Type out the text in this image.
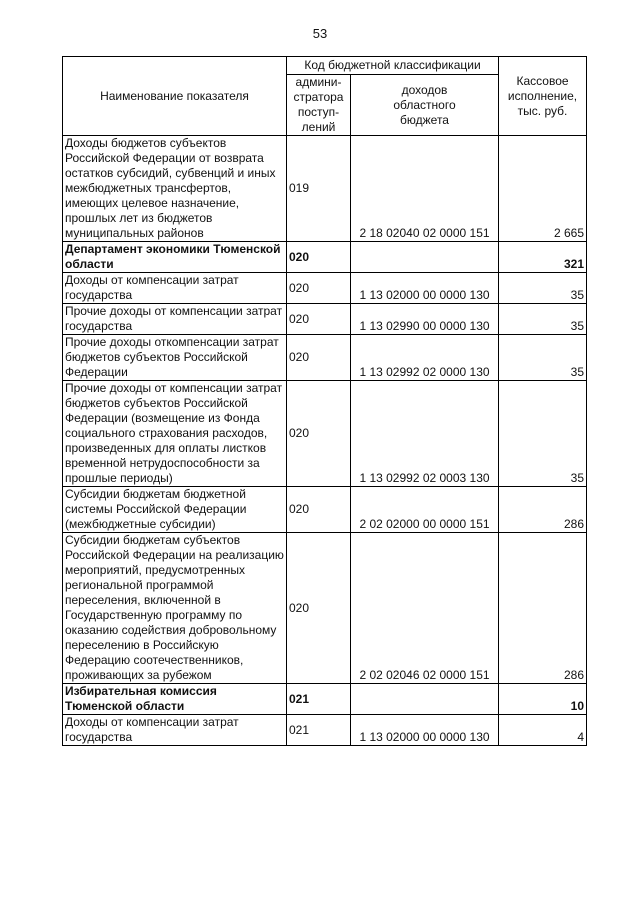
53
Наименование показателя	Код бюджетной классификации		Кассовое
исполнение,
тыс. руб.
	админи-
стратора
поступ-
лений	доходов
областного
бюджета	
Доходы бюджетов субъектов Российской Федерации от возврата остатков субсидий, субвенций и иных межбюджетных трансфертов, имеющих целевое назначение, прошлых лет из бюджетов муниципальных районов	019	2 18 02040 02 0000 151	2 665
Департамент экономики Тюменской области	020		321
Доходы от компенсации затрат государства	020	1 13 02000 00 0000 130	35
Прочие доходы от компенсации затрат государства	020	1 13 02990 00 0000 130	35
Прочие доходы откомпенсации затрат бюджетов субъектов Российской Федерации	020	1 13 02992 02 0000 130	35
Прочие доходы от компенсации затрат бюджетов субъектов Российской Федерации (возмещение из Фонда социального страхования расходов, произведенных для оплаты листков временной нетрудоспособности за прошлые периоды)	020	1 13 02992 02 0003 130	35
Субсидии бюджетам бюджетной системы Российской Федерации (межбюджетные субсидии)	020	2 02 02000 00 0000 151	286
Субсидии бюджетам субъектов Российской Федерации на реализацию мероприятий, предусмотренных региональной программой переселения, включенной в Государственную программу по оказанию содействия добровольному переселению в Российскую Федерацию соотечественников, проживающих за рубежом	020	2 02 02046 02 0000 151	286
Избирательная комиссия Тюменской области	021		10
Доходы от компенсации затрат государства	021	1 13 02000 00 0000 130	4
